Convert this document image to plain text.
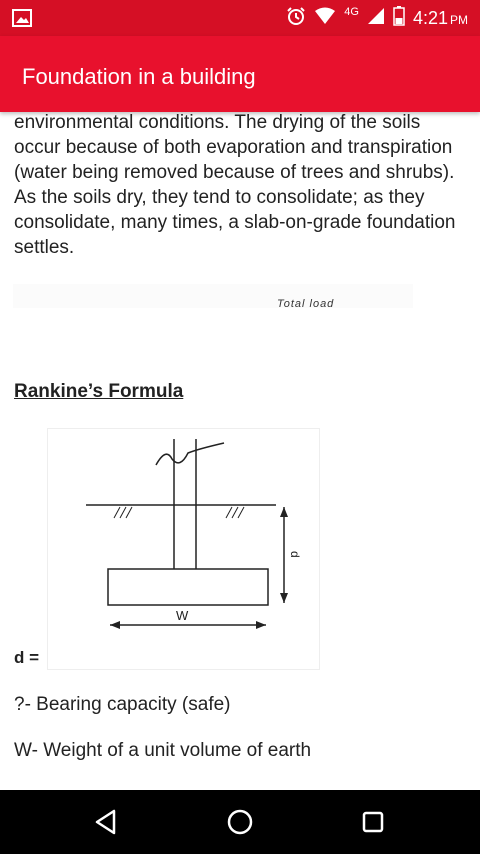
4G	4:21 PM
Foundation in a building

environmental conditions. The drying of the soils occur because of both evaporation and transpiration (water being removed because of trees and shrubs). As the soils dry, they tend to consolidate; as they consolidate, many times, a slab-on-grade foundation settles.

Total load
Rankine’s Formula
W
d
d =
?- Bearing capacity (safe)
W- Weight of a unit volume of earth
